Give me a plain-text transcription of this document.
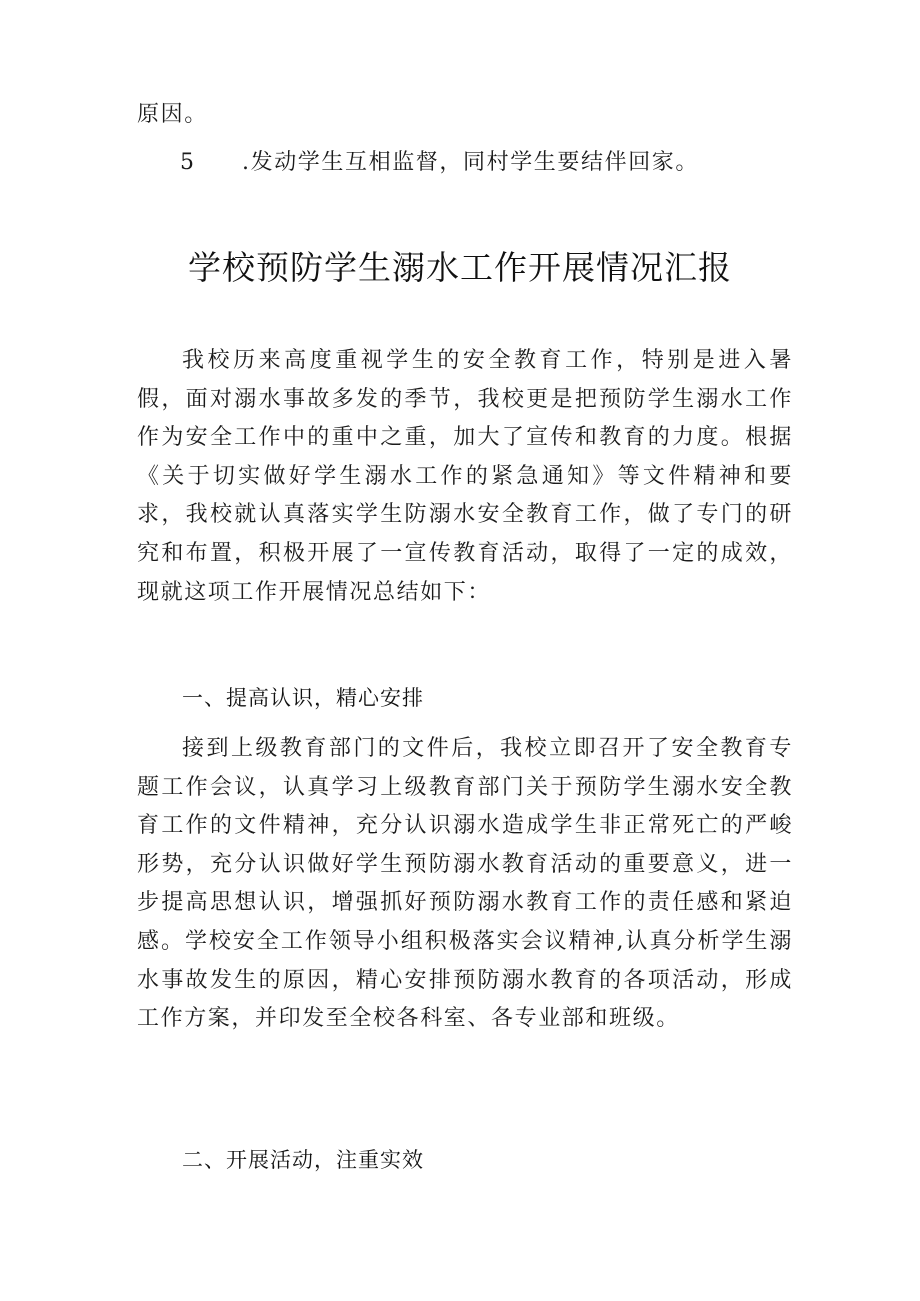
原因。
5 .发动学生互相监督，同村学生要结伴回家。
学校预防学生溺水工作开展情况汇报

我校历来高度重视学生的安全教育工作，特别是进入暑假，面对溺水事故多发的季节，我校更是把预防学生溺水工作作为安全工作中的重中之重，加大了宣传和教育的力度。根据《关于切实做好学生溺水工作的紧急通知》等文件精神和要求，我校就认真落实学生防溺水安全教育工作，做了专门的研究和布置，积极开展了一宣传教育活动，取得了一定的成效，现就这项工作开展情况总结如下：

一、提高认识，精心安排

接到上级教育部门的文件后，我校立即召开了安全教育专题工作会议，认真学习上级教育部门关于预防学生溺水安全教育工作的文件精神，充分认识溺水造成学生非正常死亡的严峻形势，充分认识做好学生预防溺水教育活动的重要意义，进一步提高思想认识，增强抓好预防溺水教育工作的责任感和紧迫感。学校安全工作领导小组积极落实会议精神,认真分析学生溺水事故发生的原因，精心安排预防溺水教育的各项活动，形成工作方案，并印发至全校各科室、各专业部和班级。

二、开展活动，注重实效
